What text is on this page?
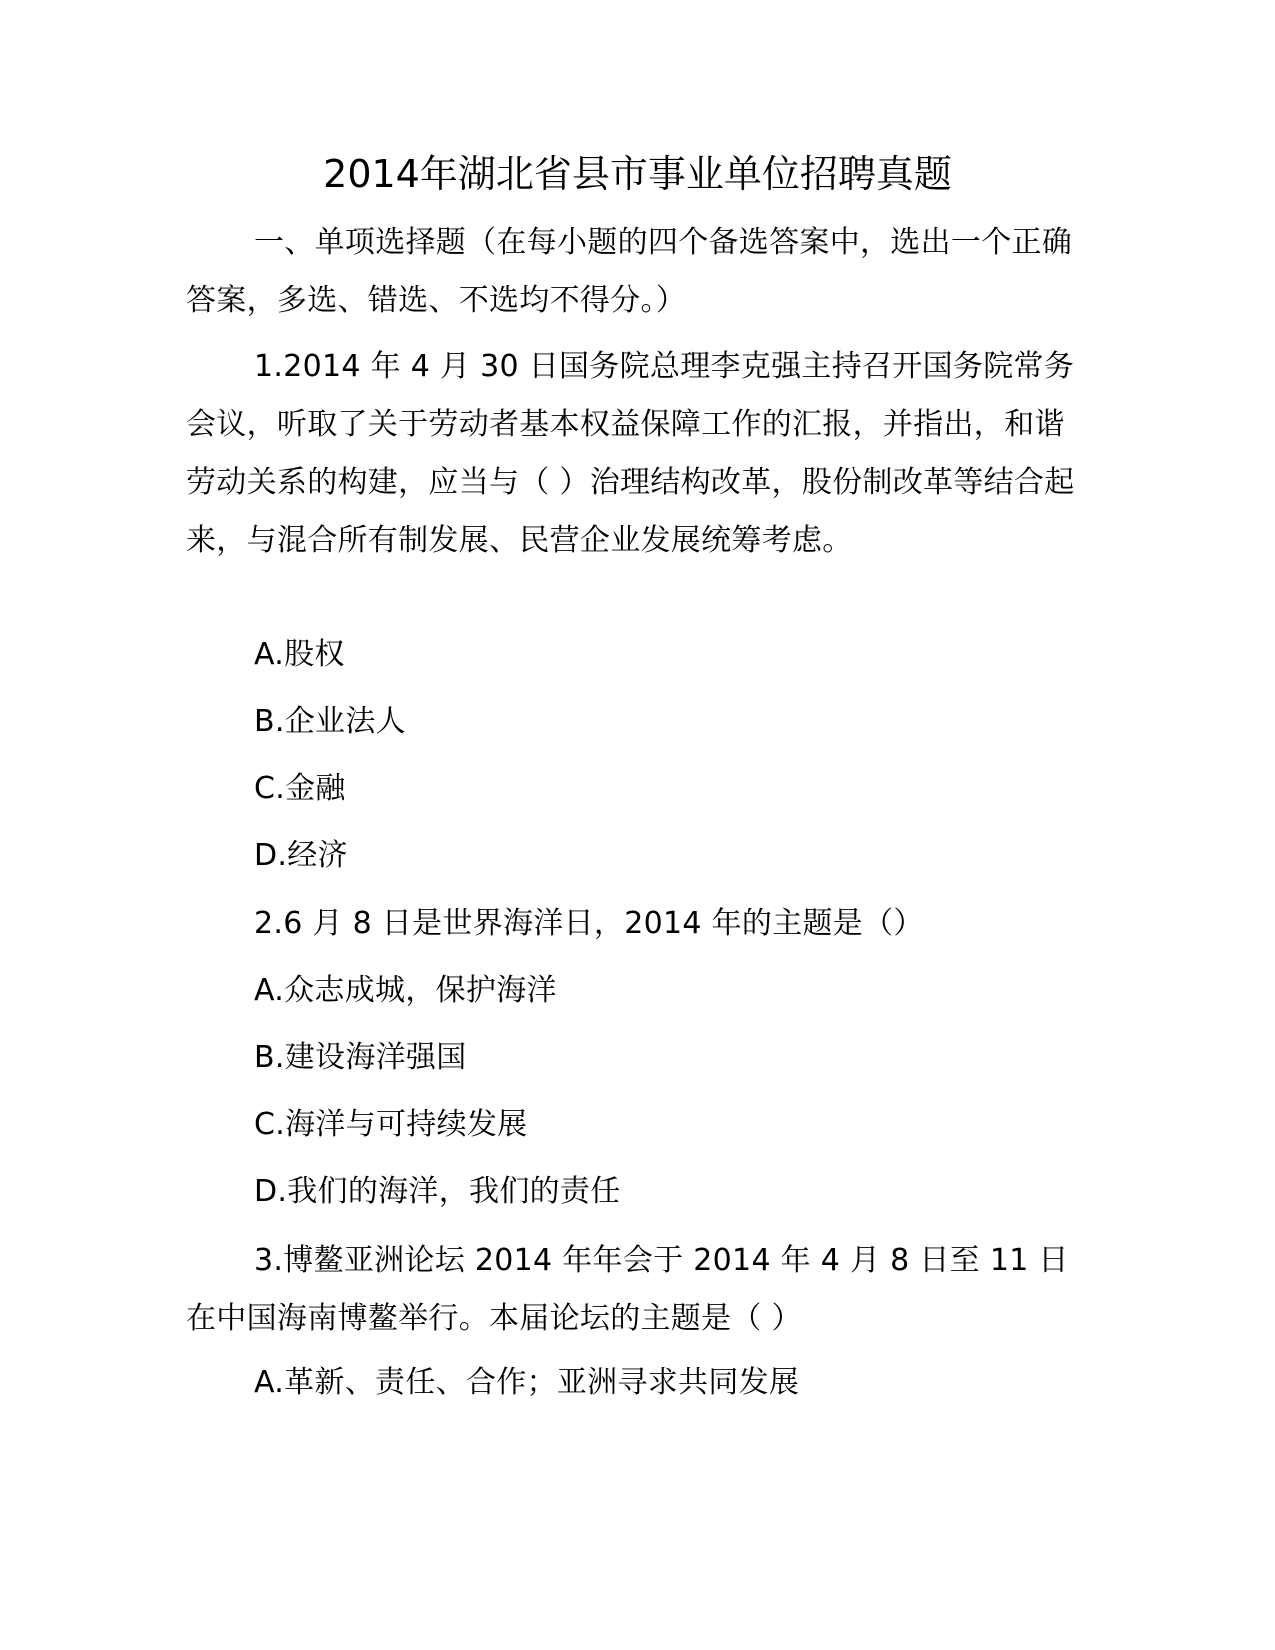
2014年湖北省县市事业单位招聘真题
一、单项选择题（在每小题的四个备选答案中，选出一个正确答案，多选、错选、不选均不得分。）
1.2014 年 4 月 30 日国务院总理李克强主持召开国务院常务会议，听取了关于劳动者基本权益保障工作的汇报，并指出，和谐劳动关系的构建，应当与（ ）治理结构改革，股份制改革等结合起来，与混合所有制发展、民营企业发展统筹考虑。
A.股权
B.企业法人
C.金融
D.经济
2.6 月 8 日是世界海洋日，2014 年的主题是（）
A.众志成城，保护海洋
B.建设海洋强国
C.海洋与可持续发展
D.我们的海洋，我们的责任
3.博鳌亚洲论坛 2014 年年会于 2014 年 4 月 8 日至 11 日在中国海南博鳌举行。本届论坛的主题是（ ）
A.革新、责任、合作；亚洲寻求共同发展
